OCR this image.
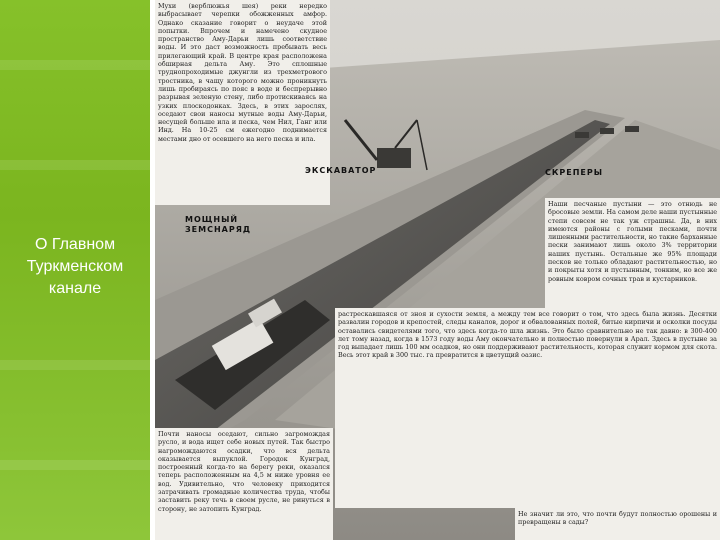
О Главном
Туркменском
канале

Мухи (верблюжья шея) реки нередко выбрасывает черепки обожженных амфор. Однако сказание говорит о неудаче этой попытки. Впрочем и намечено скудное пространство Аму-Дарьи лишь соответствие воды. И это даст возможность пребывать весь прилегающий край. В центре края расположена обширная дельта Аму. Это сплошные труднопроходимые джунгли из трехметрового тростника, в чащу которого можно проникнуть лишь пробираясь по пояс в воде и беспрерывно разрывая зеленую стену, либо протискиваясь на узких плоскодонках. Здесь, в этих зарослях, оседают свои наносы мутные воды Аму-Дарьи, несущей больше ила и песка, чем Нил, Ганг или Инд. На 10-25 см ежегодно поднимается местами дно от осевшего на него песка и ила.

ЭКСКАВАТОР	СКРЕПЕРЫ
МОЩНЫЙ
ЗЕМСНАРЯД

Наши песчаные пустыни — это отнюдь не бросовые земли. На самом деле наши пустынные степи совсем не так уж страшны. Да, в них имеются районы с голыми песками, почти лишенными растительности, но такие барханные пески занимают лишь около 3% территории наших пустынь. Остальные же 95% площади песков не только обладают растительностью, но и покрыты хотя и пустынным, тонким, но все же ровным ковром сочных трав и кустарников.

растрескавшаяся от зноя и сухости земля, а между тем все говорит о том, что здесь была жизнь. Десятки развалин городов и крепостей, следы каналов, дорог и обвалованных полей, битые кирпичи и осколки посуды оставались свидетелями того, что здесь когда-то шла жизнь. Это было сравнительно не так давно: в 300-400 лет тому назад, когда в 1573 году воды Аму окончательно и полностью повернули в Арал. Здесь в пустыне за год выпадает лишь 100 мм осадков, но они поддерживают растительность, которая служит кормом для скота. Весь этот край в 300 тыс. га превратится в цветущий оазис.

Почти наносы оседают, сильно загромождая русло, и вода ищет себе новых путей. Так быстро нагромождаются осадки, что вся дельта оказывается выпуклой. Городок Кунград, построенный когда-то на берегу реки, оказался теперь расположенным на 4,5 м ниже уровня ее вод. Удивительно, что человеку приходится затрачивать громадные количества труда, чтобы заставить реку течь в своем русле, не ринуться в сторону, не затопить Кунград.

Не значит ли это, что почти будут полностью орошены и превращены в сады?
